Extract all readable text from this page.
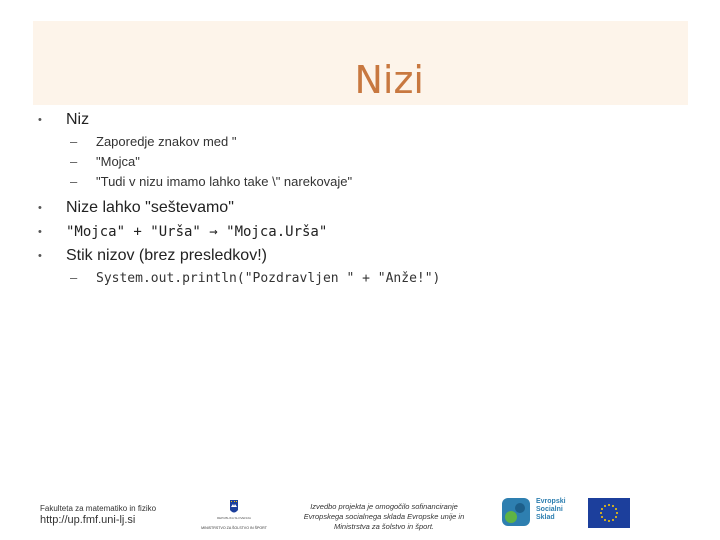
Nizi
• Niz
– Zaporedje znakov med "
– "Mojca"
– "Tudi v nizu imamo lahko take \" narekovaje"
• Nize lahko "seštevamo"
• "Mojca" + "Urša" → "Mojca.Urša"
• Stik nizov (brez presledkov!)
– System.out.println("Pozdravljen " + "Anže!")
Fakulteta za matematiko in fiziko
http://up.fmf.uni-lj.si	REPUBLIKA SLOVENIJA
MINISTRSTVO ZA ŠOLSTVO IN ŠPORT
Izvedbo projekta je omogočilo sofinanciranje
Evropskega socialnega sklada Evropske unije in
Ministrstva za šolstvo in šport.
Evropski
Socialni
Sklad
